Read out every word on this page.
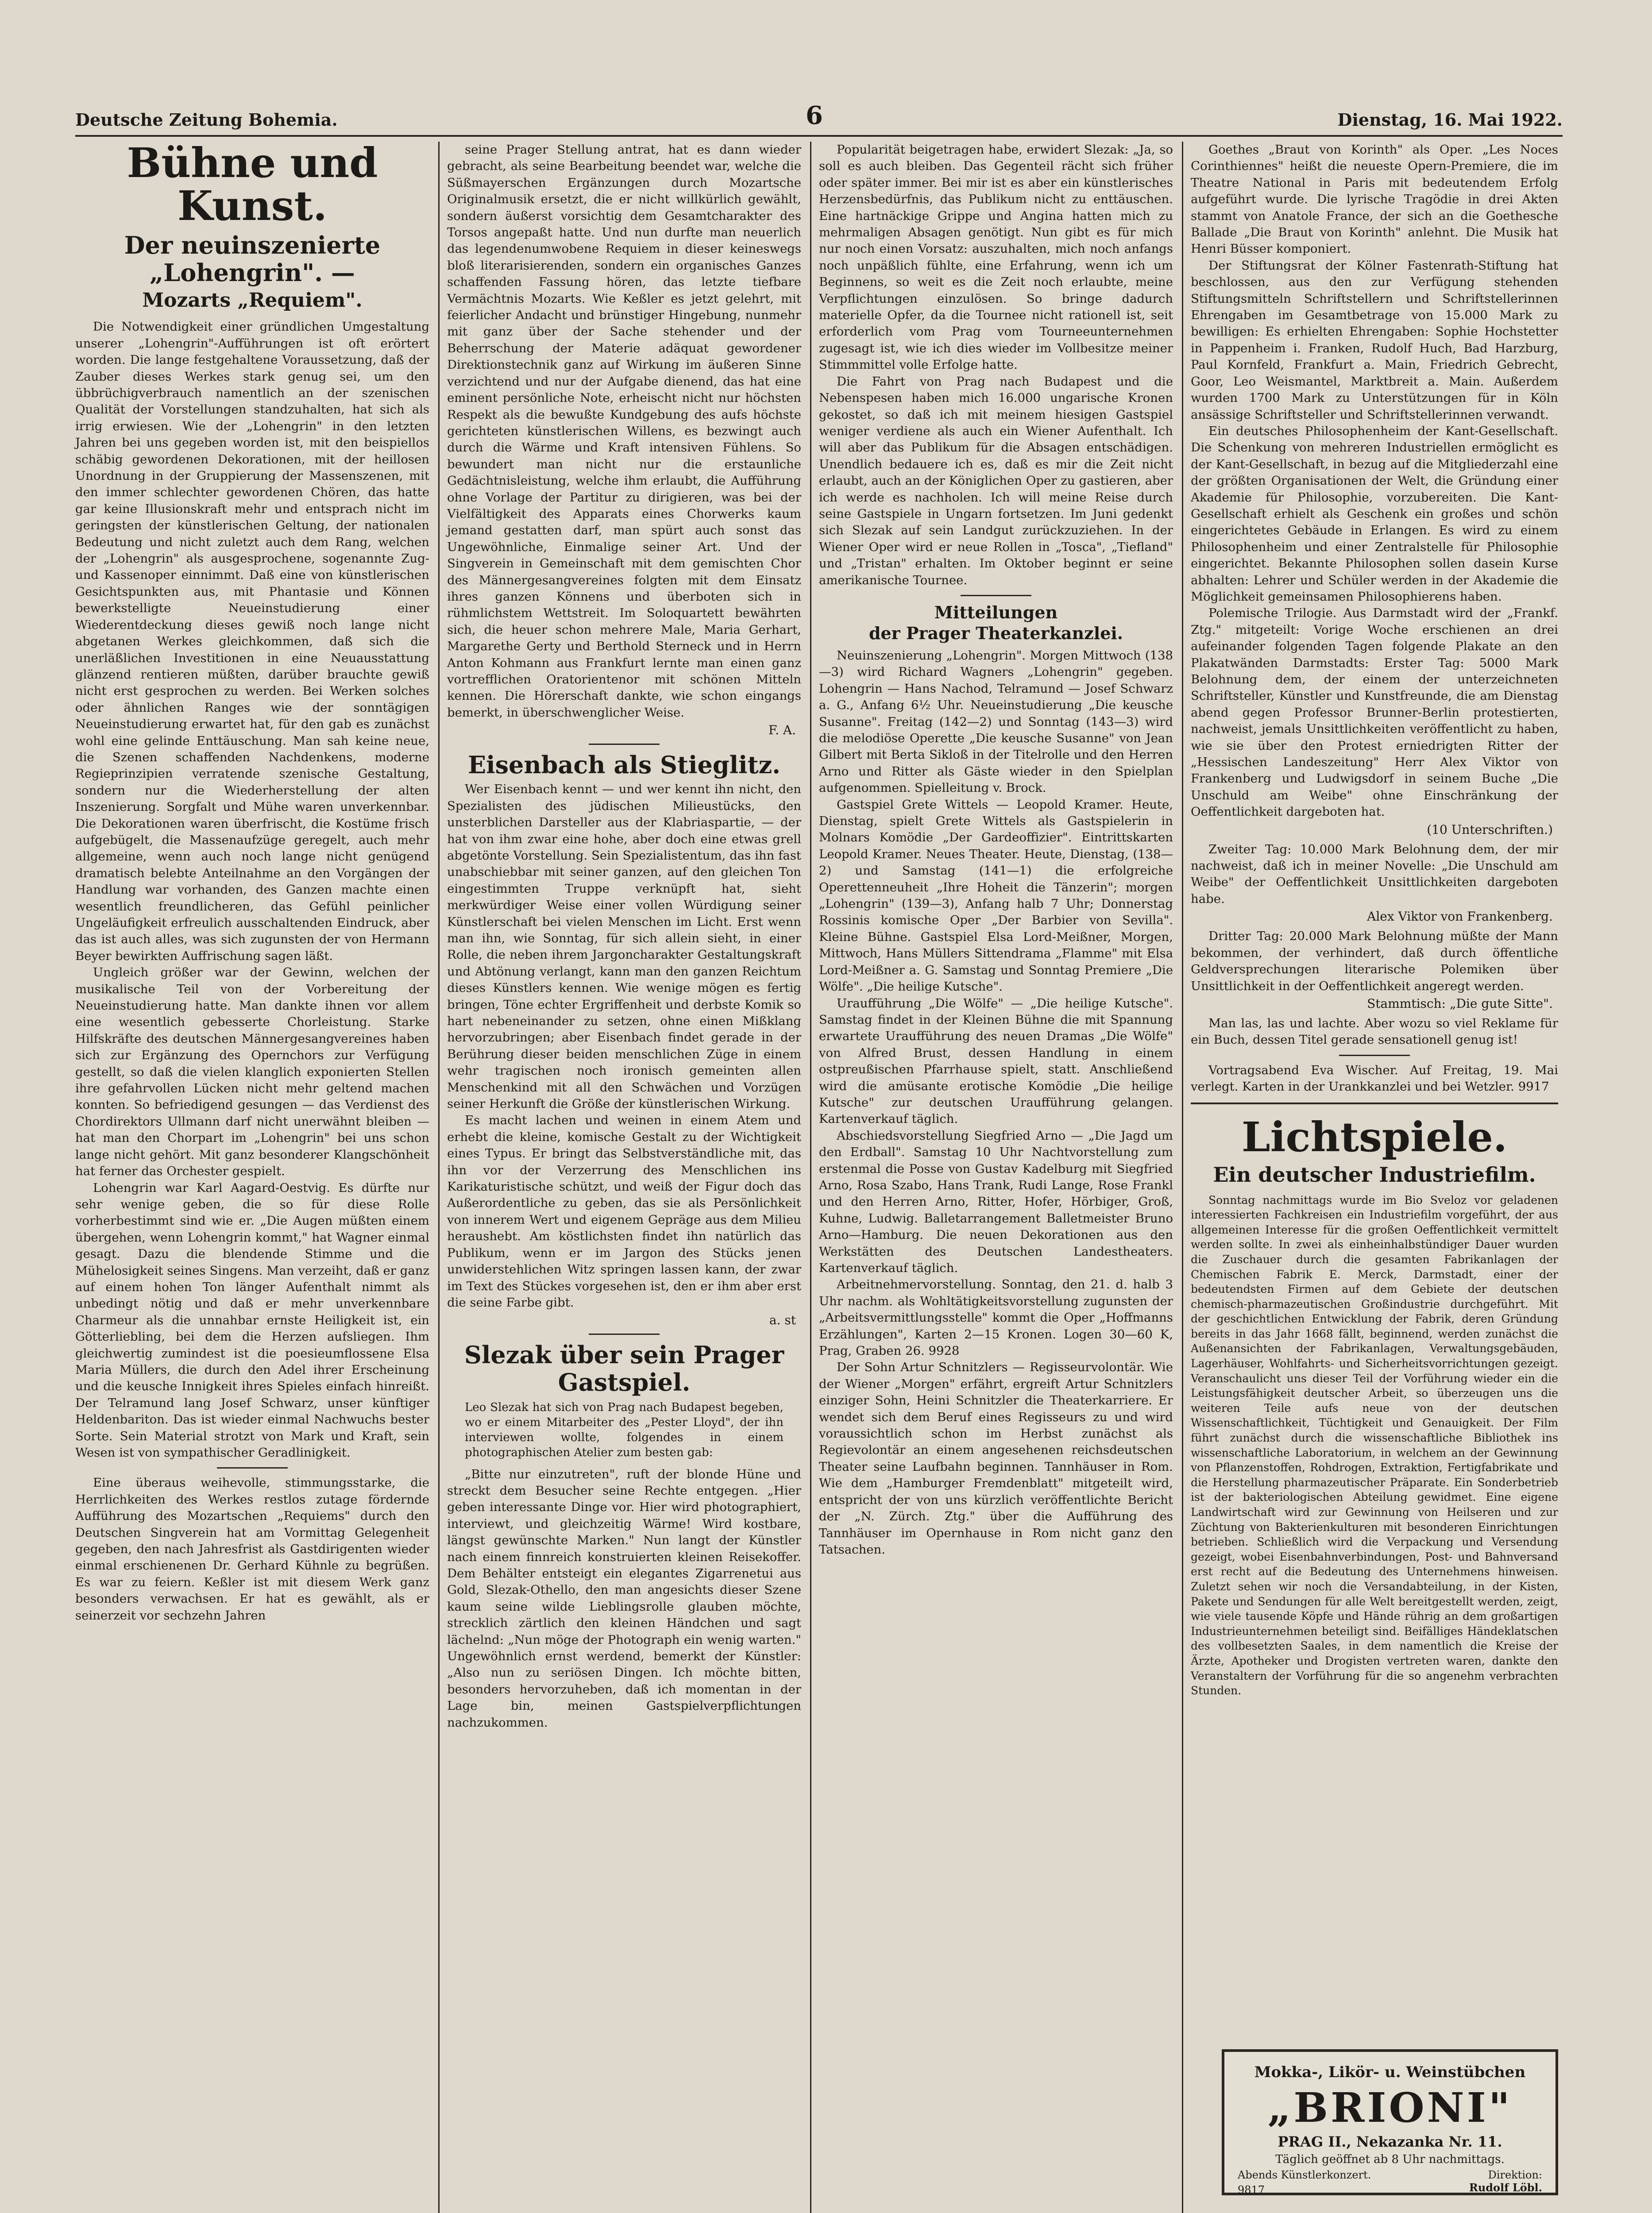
Deutsche Zeitung Bohemia.	6	Dienstag, 16. Mai 1922.
Bühne und Kunst.
Der neuinszenierte „Lohengrin". —
Mozarts „Requiem".

Die Notwendigkeit einer gründlichen Umgestaltung unserer „Lohengrin"-Aufführungen ist oft erörtert worden. Die lange festgehaltene Voraussetzung, daß der Zauber dieses Werkes stark genug sei, um den übbrüchigverbrauch namentlich an der szenischen Qualität der Vorstellungen standzuhalten, hat sich als irrig erwiesen. Wie der „Lohengrin" in den letzten Jahren bei uns gegeben worden ist, mit den beispiellos schäbig gewordenen Dekorationen, mit der heillosen Unordnung in der Gruppierung der Massenszenen, mit den immer schlechter gewordenen Chören, das hatte gar keine Illusionskraft mehr und entsprach nicht im geringsten der künstlerischen Geltung, der nationalen Bedeutung und nicht zuletzt auch dem Rang, welchen der „Lohengrin" als ausgesprochene, sogenannte Zug- und Kassenoper einnimmt. Daß eine von künstlerischen Gesichtspunkten aus, mit Phantasie und Können bewerkstelligte Neueinstudierung einer Wiederentdeckung dieses gewiß noch lange nicht abgetanen Werkes gleichkommen, daß sich die unerläßlichen Investitionen in eine Neuausstattung glänzend rentieren müßten, darüber brauchte gewiß nicht erst gesprochen zu werden. Bei Werken solches oder ähnlichen Ranges wie der sonntägigen Neueinstudierung erwartet hat, für den gab es zunächst wohl eine gelinde Enttäuschung. Man sah keine neue, die Szenen schaffenden Nachdenkens, moderne Regieprinzipien verratende szenische Gestaltung, sondern nur die Wiederherstellung der alten Inszenierung. Sorgfalt und Mühe waren unverkennbar. Die Dekorationen waren überfrischt, die Kostüme frisch aufgebügelt, die Massenaufzüge geregelt, auch mehr allgemeine, wenn auch noch lange nicht genügend dramatisch belebte Anteilnahme an den Vorgängen der Handlung war vorhanden, des Ganzen machte einen wesentlich freundlicheren, das Gefühl peinlicher Ungeläufigkeit erfreulich ausschaltenden Eindruck, aber das ist auch alles, was sich zugunsten der von Hermann Beyer bewirkten Auffrischung sagen läßt.

Ungleich größer war der Gewinn, welchen der musikalische Teil von der Vorbereitung der Neueinstudierung hatte. Man dankte ihnen vor allem eine wesentlich gebesserte Chorleistung. Starke Hilfskräfte des deutschen Männergesangvereines haben sich zur Ergänzung des Opernchors zur Verfügung gestellt, so daß die vielen klanglich exponierten Stellen ihre gefahrvollen Lücken nicht mehr geltend machen konnten. So befriedigend gesungen — das Verdienst des Chordirektors Ullmann darf nicht unerwähnt bleiben — hat man den Chorpart im „Lohengrin" bei uns schon lange nicht gehört. Mit ganz besonderer Klangschönheit hat ferner das Orchester gespielt.

Lohengrin war Karl Aagard-Oestvig. Es dürfte nur sehr wenige geben, die so für diese Rolle vorherbestimmt sind wie er. „Die Augen müßten einem übergehen, wenn Lohengrin kommt," hat Wagner einmal gesagt. Dazu die blendende Stimme und die Mühelosigkeit seines Singens. Man verzeiht, daß er ganz auf einem hohen Ton länger Aufenthalt nimmt als unbedingt nötig und daß er mehr unverkennbare Charmeur als die unnahbar ernste Heiligkeit ist, ein Götterliebling, bei dem die Herzen aufsliegen. Ihm gleichwertig zumindest ist die poesieumflossene Elsa Maria Müllers, die durch den Adel ihrer Erscheinung und die keusche Innigkeit ihres Spieles einfach hinreißt. Der Telramund lang Josef Schwarz, unser künftiger Heldenbariton. Das ist wieder einmal Nachwuchs bester Sorte. Sein Material strotzt von Mark und Kraft, sein Wesen ist von sympathischer Geradlinigkeit.

Eine überaus weihevolle, stimmungsstarke, die Herrlichkeiten des Werkes restlos zutage fördernde Aufführung des Mozartschen „Requiems" durch den Deutschen Singverein hat am Vormittag Gelegenheit gegeben, den nach Jahresfrist als Gastdirigenten wieder einmal erschienenen Dr. Gerhard Kühnle zu begrüßen. Es war zu feiern. Keßler ist mit diesem Werk ganz besonders verwachsen. Er hat es gewählt, als er seinerzeit vor sechzehn Jahren

seine Prager Stellung antrat, hat es dann wieder gebracht, als seine Bearbeitung beendet war, welche die Süßmayerschen Ergänzungen durch Mozartsche Originalmusik ersetzt, die er nicht willkürlich gewählt, sondern äußerst vorsichtig dem Gesamtcharakter des Torsos angepaßt hatte. Und nun durfte man neuerlich das legendenumwobene Requiem in dieser keineswegs bloß literarisierenden, sondern ein organisches Ganzes schaffenden Fassung hören, das letzte tiefbare Vermächtnis Mozarts. Wie Keßler es jetzt gelehrt, mit feierlicher Andacht und brünstiger Hingebung, nunmehr mit ganz über der Sache stehender und der Beherrschung der Materie adäquat gewordener Direktionstechnik ganz auf Wirkung im äußeren Sinne verzichtend und nur der Aufgabe dienend, das hat eine eminent persönliche Note, erheischt nicht nur höchsten Respekt als die bewußte Kundgebung des aufs höchste gerichteten künstlerischen Willens, es bezwingt auch durch die Wärme und Kraft intensiven Fühlens. So bewundert man nicht nur die erstaunliche Gedächtnisleistung, welche ihm erlaubt, die Aufführung ohne Vorlage der Partitur zu dirigieren, was bei der Vielfältigkeit des Apparats eines Chorwerks kaum jemand gestatten darf, man spürt auch sonst das Ungewöhnliche, Einmalige seiner Art. Und der Singverein in Gemeinschaft mit dem gemischten Chor des Männergesangvereines folgten mit dem Einsatz ihres ganzen Könnens und überboten sich in rühmlichstem Wettstreit. Im Soloquartett bewährten sich, die heuer schon mehrere Male, Maria Gerhart, Margarethe Gerty und Berthold Sterneck und in Herrn Anton Kohmann aus Frankfurt lernte man einen ganz vortrefflichen Oratorientenor mit schönen Mitteln kennen. Die Hörerschaft dankte, wie schon eingangs bemerkt, in überschwenglicher Weise.

F. A.
Eisenbach als Stieglitz.

Wer Eisenbach kennt — und wer kennt ihn nicht, den Spezialisten des jüdischen Milieustücks, den unsterblichen Darsteller aus der Klabriaspartie, — der hat von ihm zwar eine hohe, aber doch eine etwas grell abgetönte Vorstellung. Sein Spezialistentum, das ihn fast unabschiebbar mit seiner ganzen, auf den gleichen Ton eingestimmten Truppe verknüpft hat, sieht merkwürdiger Weise einer vollen Würdigung seiner Künstlerschaft bei vielen Menschen im Licht. Erst wenn man ihn, wie Sonntag, für sich allein sieht, in einer Rolle, die neben ihrem Jargoncharakter Gestaltungskraft und Abtönung verlangt, kann man den ganzen Reichtum dieses Künstlers kennen. Wie wenige mögen es fertig bringen, Töne echter Ergriffenheit und derbste Komik so hart nebeneinander zu setzen, ohne einen Mißklang hervorzubringen; aber Eisenbach findet gerade in der Berührung dieser beiden menschlichen Züge in einem wehr tragischen noch ironisch gemeinten allen Menschenkind mit all den Schwächen und Vorzügen seiner Herkunft die Größe der künstlerischen Wirkung.

Es macht lachen und weinen in einem Atem und erhebt die kleine, komische Gestalt zu der Wichtigkeit eines Typus. Er bringt das Selbstverständliche mit, das ihn vor der Verzerrung des Menschlichen ins Karikaturistische schützt, und weiß der Figur doch das Außerordentliche zu geben, das sie als Persönlichkeit von innerem Wert und eigenem Gepräge aus dem Milieu heraushebt. Am köstlichsten findet ihn natürlich das Publikum, wenn er im Jargon des Stücks jenen unwiderstehlichen Witz springen lassen kann, der zwar im Text des Stückes vorgesehen ist, den er ihm aber erst die seine Farbe gibt.

a. st
Slezak über sein Prager Gastspiel.

Leo Slezak hat sich von Prag nach Budapest begeben, wo er einem Mitarbeiter des „Pester Lloyd", der ihn interviewen wollte, folgendes in einem photographischen Atelier zum besten gab:

„Bitte nur einzutreten", ruft der blonde Hüne und streckt dem Besucher seine Rechte entgegen. „Hier geben interessante Dinge vor. Hier wird photographiert, interviewt, und gleichzeitig Wärme! Wird kostbare, längst gewünschte Marken." Nun langt der Künstler nach einem finnreich konstruierten kleinen Reisekoffer. Dem Behälter entsteigt ein elegantes Zigarrenetui aus Gold, Slezak-Othello, den man angesichts dieser Szene kaum seine wilde Lieblingsrolle glauben möchte, strecklich zärtlich den kleinen Händchen und sagt lächelnd: „Nun möge der Photograph ein wenig warten." Ungewöhnlich ernst werdend, bemerkt der Künstler: „Also nun zu seriösen Dingen. Ich möchte bitten, besonders hervorzuheben, daß ich momentan in der Lage bin, meinen Gastspielverpflichtungen nachzukommen.

Popularität beigetragen habe, erwidert Slezak: „Ja, so soll es auch bleiben. Das Gegenteil rächt sich früher oder später immer. Bei mir ist es aber ein künstlerisches Herzensbedürfnis, das Publikum nicht zu enttäuschen. Eine hartnäckige Grippe und Angina hatten mich zu mehrmaligen Absagen genötigt. Nun gibt es für mich nur noch einen Vorsatz: auszuhalten, mich noch anfangs noch unpäßlich fühlte, eine Erfahrung, wenn ich um Beginnens, so weit es die Zeit noch erlaubte, meine Verpflichtungen einzulösen. So bringe dadurch materielle Opfer, da die Tournee nicht rationell ist, seit erforderlich vom Prag vom Tourneeunternehmen zugesagt ist, wie ich dies wieder im Vollbesitze meiner Stimmmittel volle Erfolge hatte.

Die Fahrt von Prag nach Budapest und die Nebenspesen haben mich 16.000 ungarische Kronen gekostet, so daß ich mit meinem hiesigen Gastspiel weniger verdiene als auch ein Wiener Aufenthalt. Ich will aber das Publikum für die Absagen entschädigen. Unendlich bedauere ich es, daß es mir die Zeit nicht erlaubt, auch an der Königlichen Oper zu gastieren, aber ich werde es nachholen. Ich will meine Reise durch seine Gastspiele in Ungarn fortsetzen. Im Juni gedenkt sich Slezak auf sein Landgut zurückzuziehen. In der Wiener Oper wird er neue Rollen in „Tosca", „Tiefland" und „Tristan" erhalten. Im Oktober beginnt er seine amerikanische Tournee.

Mitteilungen
der Prager Theaterkanzlei.

Neuinszenierung „Lohengrin". Morgen Mittwoch (138—3) wird Richard Wagners „Lohengrin" gegeben. Lohengrin — Hans Nachod, Telramund — Josef Schwarz a. G., Anfang 6½ Uhr. Neueinstudierung „Die keusche Susanne". Freitag (142—2) und Sonntag (143—3) wird die melodiöse Operette „Die keusche Susanne" von Jean Gilbert mit Berta Sikloß in der Titelrolle und den Herren Arno und Ritter als Gäste wieder in den Spielplan aufgenommen. Spielleitung v. Brock.

Gastspiel Grete Wittels — Leopold Kramer. Heute, Dienstag, spielt Grete Wittels als Gastspielerin in Molnars Komödie „Der Gardeoffizier". Eintrittskarten Leopold Kramer. Neues Theater. Heute, Dienstag, (138—2) und Samstag (141—1) die erfolgreiche Operettenneuheit „Ihre Hoheit die Tänzerin"; morgen „Lohengrin" (139—3), Anfang halb 7 Uhr; Donnerstag Rossinis komische Oper „Der Barbier von Sevilla". Kleine Bühne. Gastspiel Elsa Lord-Meißner, Morgen, Mittwoch, Hans Müllers Sittendrama „Flamme" mit Elsa Lord-Meißner a. G. Samstag und Sonntag Premiere „Die Wölfe". „Die heilige Kutsche".

Uraufführung „Die Wölfe" — „Die heilige Kutsche". Samstag findet in der Kleinen Bühne die mit Spannung erwartete Uraufführung des neuen Dramas „Die Wölfe" von Alfred Brust, dessen Handlung in einem ostpreußischen Pfarrhause spielt, statt. Anschließend wird die amüsante erotische Komödie „Die heilige Kutsche" zur deutschen Uraufführung gelangen. Kartenverkauf täglich.

Abschiedsvorstellung Siegfried Arno — „Die Jagd um den Erdball". Samstag 10 Uhr Nachtvorstellung zum erstenmal die Posse von Gustav Kadelburg mit Siegfried Arno, Rosa Szabo, Hans Trank, Rudi Lange, Rose Frankl und den Herren Arno, Ritter, Hofer, Hörbiger, Groß, Kuhne, Ludwig. Balletarrangement Balletmeister Bruno Arno—Hamburg. Die neuen Dekorationen aus den Werkstätten des Deutschen Landestheaters. Kartenverkauf täglich.

Arbeitnehmervorstellung. Sonntag, den 21. d. halb 3 Uhr nachm. als Wohltätigkeitsvorstellung zugunsten der „Arbeitsvermittlungsstelle" kommt die Oper „Hoffmanns Erzählungen", Karten 2—15 Kronen. Logen 30—60 K, Prag, Graben 26. 9928

Der Sohn Artur Schnitzlers — Regisseurvolontär. Wie der Wiener „Morgen" erfährt, ergreift Artur Schnitzlers einziger Sohn, Heini Schnitzler die Theaterkarriere. Er wendet sich dem Beruf eines Regisseurs zu und wird voraussichtlich schon im Herbst zunächst als Regievolontär an einem angesehenen reichsdeutschen Theater seine Laufbahn beginnen. Tannhäuser in Rom. Wie dem „Hamburger Fremdenblatt" mitgeteilt wird, entspricht der von uns kürzlich veröffentlichte Bericht der „N. Zürch. Ztg." über die Aufführung des Tannhäuser im Opernhause in Rom nicht ganz den Tatsachen.

Goethes „Braut von Korinth" als Oper. „Les Noces Corinthiennes" heißt die neueste Opern-Premiere, die im Theatre National in Paris mit bedeutendem Erfolg aufgeführt wurde. Die lyrische Tragödie in drei Akten stammt von Anatole France, der sich an die Goethesche Ballade „Die Braut von Korinth" anlehnt. Die Musik hat Henri Büsser komponiert.

Der Stiftungsrat der Kölner Fastenrath-Stiftung hat beschlossen, aus den zur Verfügung stehenden Stiftungsmitteln Schriftstellern und Schriftstellerinnen Ehrengaben im Gesamtbetrage von 15.000 Mark zu bewilligen: Es erhielten Ehrengaben: Sophie Hochstetter in Pappenheim i. Franken, Rudolf Huch, Bad Harzburg, Paul Kornfeld, Frankfurt a. Main, Friedrich Gebrecht, Goor, Leo Weismantel, Marktbreit a. Main. Außerdem wurden 1700 Mark zu Unterstützungen für in Köln ansässige Schriftsteller und Schriftstellerinnen verwandt.

Ein deutsches Philosophenheim der Kant-Gesellschaft. Die Schenkung von mehreren Industriellen ermöglicht es der Kant-Gesellschaft, in bezug auf die Mitgliederzahl eine der größten Organisationen der Welt, die Gründung einer Akademie für Philosophie, vorzubereiten. Die Kant-Gesellschaft erhielt als Geschenk ein großes und schön eingerichtetes Gebäude in Erlangen. Es wird zu einem Philosophenheim und einer Zentralstelle für Philosophie eingerichtet. Bekannte Philosophen sollen dasein Kurse abhalten: Lehrer und Schüler werden in der Akademie die Möglichkeit gemeinsamen Philosophierens haben.

Polemische Trilogie. Aus Darmstadt wird der „Frankf. Ztg." mitgeteilt: Vorige Woche erschienen an drei aufeinander folgenden Tagen folgende Plakate an den Plakatwänden Darmstadts: Erster Tag: 5000 Mark Belohnung dem, der einem der unterzeichneten Schriftsteller, Künstler und Kunstfreunde, die am Dienstag abend gegen Professor Brunner-Berlin protestierten, nachweist, jemals Unsittlichkeiten veröffentlicht zu haben, wie sie über den Protest erniedrigten Ritter der „Hessischen Landeszeitung" Herr Alex Viktor von Frankenberg und Ludwigsdorf in seinem Buche „Die Unschuld am Weibe" ohne Einschränkung der Oeffentlichkeit dargeboten hat.

(10 Unterschriften.)

Zweiter Tag: 10.000 Mark Belohnung dem, der mir nachweist, daß ich in meiner Novelle: „Die Unschuld am Weibe" der Oeffentlichkeit Unsittlichkeiten dargeboten habe.

Alex Viktor von Frankenberg.

Dritter Tag: 20.000 Mark Belohnung müßte der Mann bekommen, der verhindert, daß durch öffentliche Geldversprechungen literarische Polemiken über Unsittlichkeit in der Oeffentlichkeit angeregt werden.

Stammtisch: „Die gute Sitte".

Man las, las und lachte. Aber wozu so viel Reklame für ein Buch, dessen Titel gerade sensationell genug ist!

Vortragsabend Eva Wischer. Auf Freitag, 19. Mai verlegt. Karten in der Urankkanzlei und bei Wetzler. 9917

Lichtspiele.
Ein deutscher Industriefilm.

Sonntag nachmittags wurde im Bio Sveloz vor geladenen interessierten Fachkreisen ein Industriefilm vorgeführt, der aus allgemeinen Interesse für die großen Oeffentlichkeit vermittelt werden sollte. In zwei als einheinhalbstündiger Dauer wurden die Zuschauer durch die gesamten Fabrikanlagen der Chemischen Fabrik E. Merck, Darmstadt, einer der bedeutendsten Firmen auf dem Gebiete der deutschen chemisch-pharmazeutischen Großindustrie durchgeführt. Mit der geschichtlichen Entwicklung der Fabrik, deren Gründung bereits in das Jahr 1668 fällt, beginnend, werden zunächst die Außenansichten der Fabrikanlagen, Verwaltungsgebäuden, Lagerhäuser, Wohlfahrts- und Sicherheitsvorrichtungen gezeigt. Veranschaulicht uns dieser Teil der Vorführung wieder ein die Leistungsfähigkeit deutscher Arbeit, so überzeugen uns die weiteren Teile aufs neue von der deutschen Wissenschaftlichkeit, Tüchtigkeit und Genauigkeit. Der Film führt zunächst durch die wissenschaftliche Bibliothek ins wissenschaftliche Laboratorium, in welchem an der Gewinnung von Pflanzenstoffen, Rohdrogen, Extraktion, Fertigfabrikate und die Herstellung pharmazeutischer Präparate. Ein Sonderbetrieb ist der bakteriologischen Abteilung gewidmet. Eine eigene Landwirtschaft wird zur Gewinnung von Heilseren und zur Züchtung von Bakterienkulturen mit besonderen Einrichtungen betrieben. Schließlich wird die Verpackung und Versendung gezeigt, wobei Eisenbahnverbindungen, Post- und Bahnversand erst recht auf die Bedeutung des Unternehmens hinweisen. Zuletzt sehen wir noch die Versandabteilung, in der Kisten, Pakete und Sendungen für alle Welt bereitgestellt werden, zeigt, wie viele tausende Köpfe und Hände rührig an dem großartigen Industrieunternehmen beteiligt sind. Beifälliges Händeklatschen des vollbesetzten Saales, in dem namentlich die Kreise der Ärzte, Apotheker und Drogisten vertreten waren, dankte den Veranstaltern der Vorführung für die so angenehm verbrachten Stunden.

Mokka-, Likör- u. Weinstübchen
„BRIONI"
PRAG II., Nekazanka Nr. 11.
Täglich geöffnet ab 8 Uhr nachmittags.
Direktion:
Rudolf Löbl.
Abends Künstlerkonzert.
9817
